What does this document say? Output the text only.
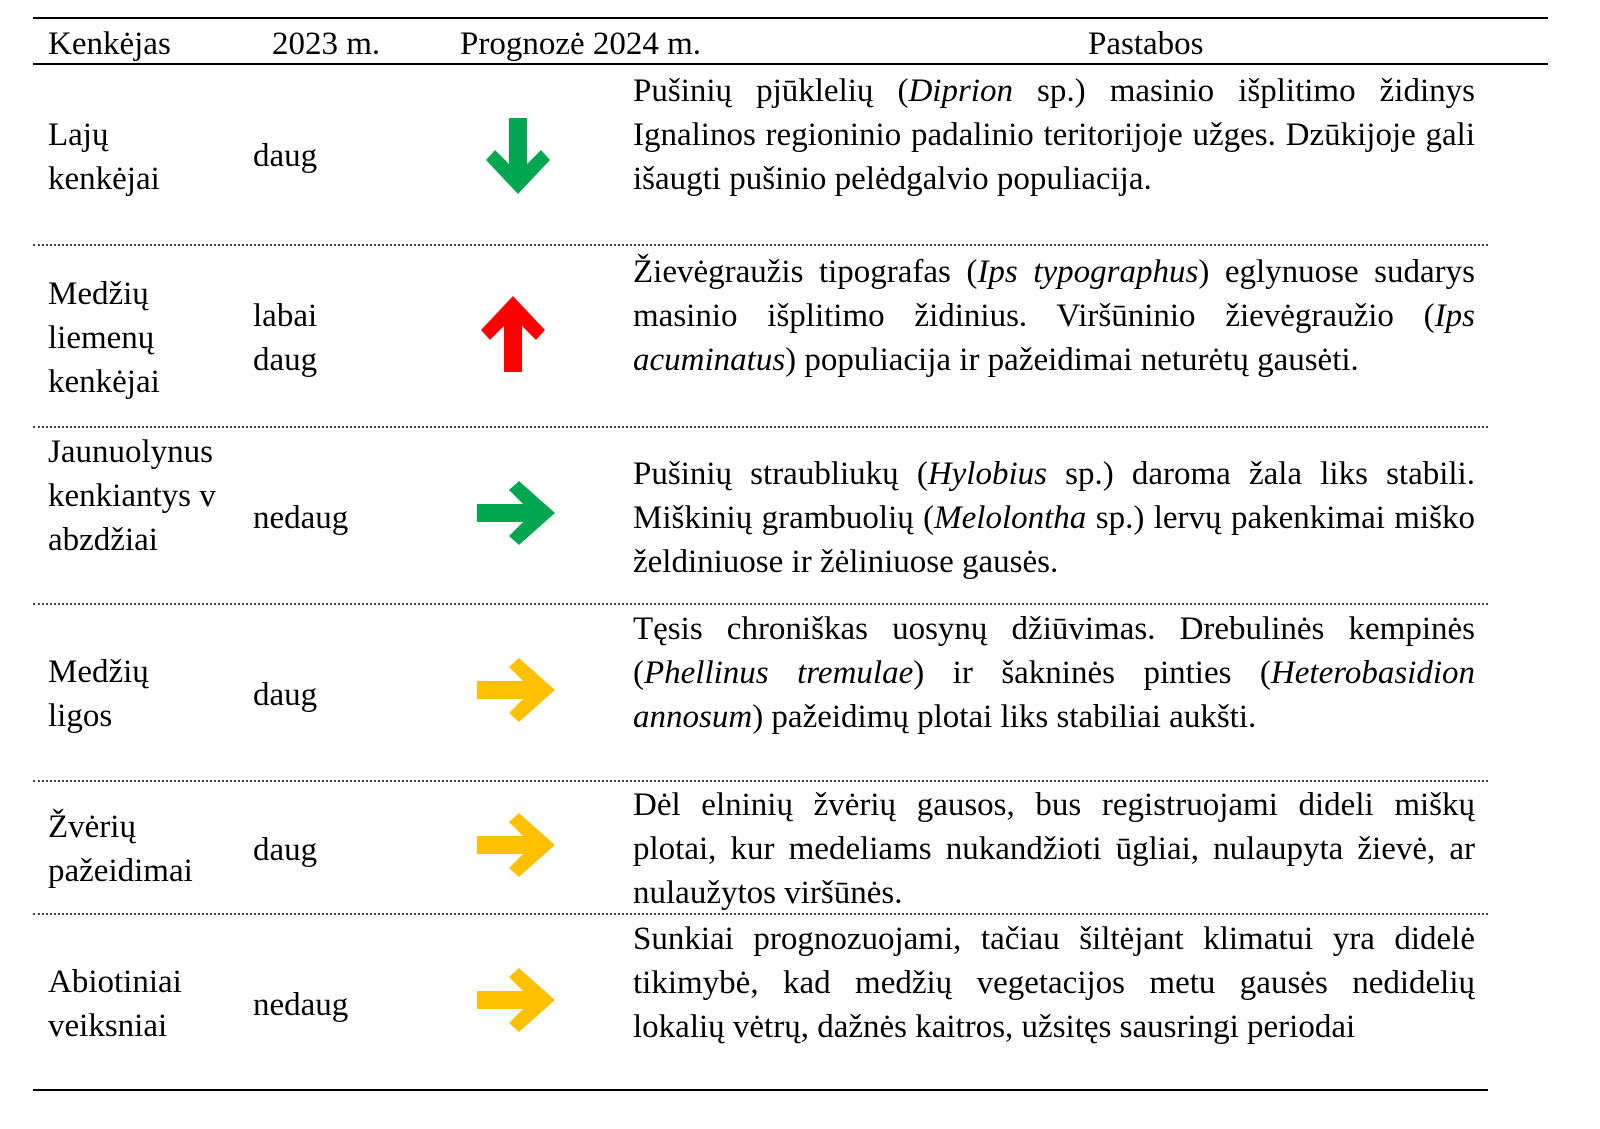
Kenkėjas	2023 m. Prognozė 2024 m.	Pastabos
Lajų kenkėjai
daug
Pušinių pjūklelių (Diprion sp.) masinio išplitimo židinys Ignalinos regioninio padalinio teritorijoje užges. Dzūkijoje gali išaugti pušinio pelėdgalvio populiacija.
Medžių liemenų kenkėjai
labai daug
Žievėgraužis tipografas (Ips typographus) eglynuose sudarys masinio išplitimo židinius. Viršūninio žievėgraužio (Ips acuminatus) populiacija ir pažeidimai neturėtų gausėti.
Jaunuolynus kenkiantys vabzdžiai
nedaug
Pušinių straubliukų (Hylobius sp.) daroma žala liks stabili. Miškinių grambuolių (Melolontha sp.) lervų pakenkimai miško želdiniuose ir žėliniuose gausės.
Medžių ligos
daug
Tęsis chroniškas uosynų džiūvimas. Drebulinės kempinės (Phellinus tremulae) ir šakninės pinties (Heterobasidion annosum) pažeidimų plotai liks stabiliai aukšti.
Žvėrių pažeidimai
daug
Dėl elninių žvėrių gausos, bus registruojami dideli miškų plotai, kur medeliams nukandžioti ūgliai, nulaupyta žievė, ar nulaužytos viršūnės.
Abiotiniai veiksniai
nedaug
Sunkiai prognozuojami, tačiau šiltėjant klimatui yra didelė tikimybė, kad medžių vegetacijos metu gausės nedidelių lokalių vėtrų, dažnės kaitros, užsitęs sausringi periodai
